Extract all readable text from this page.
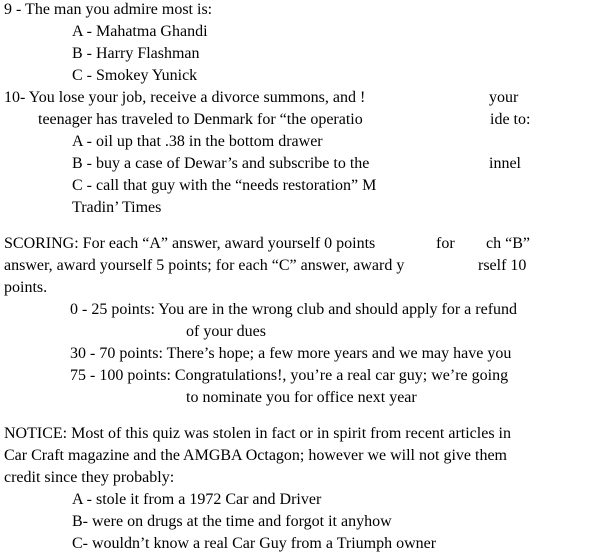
9 - The man you admire most is:
A - Mahatma Ghandi
B - Harry Flashman
C - Smokey Yunick
10- You lose your job, receive a divorce summons, and !	your
teenager has traveled to Denmark for “the operatio	ide to:
A - oil up that .38 in the bottom drawer
B - buy a case of Dewar’s and subscribe to the	innel
C - call that guy with the “needs restoration” M
Tradin’ Times
SCORING: For each “A” answer, award yourself 0 points	for ch “B”
answer, award yourself 5 points; for each “C” answer, award y	rself 10
points.
0 - 25 points: You are in the wrong club and should apply for a refund
of your dues
30 - 70 points: There’s hope; a few more years and we may have you
75 - 100 points: Congratulations!, you’re a real car guy; we’re going
to nominate you for office next year
NOTICE: Most of this quiz was stolen in fact or in spirit from recent articles in
Car Craft magazine and the AMGBA Octagon; however we will not give them
credit since they probably:
A - stole it from a 1972 Car and Driver
B- were on drugs at the time and forgot it anyhow
C- wouldn’t know a real Car Guy from a Triumph owner
